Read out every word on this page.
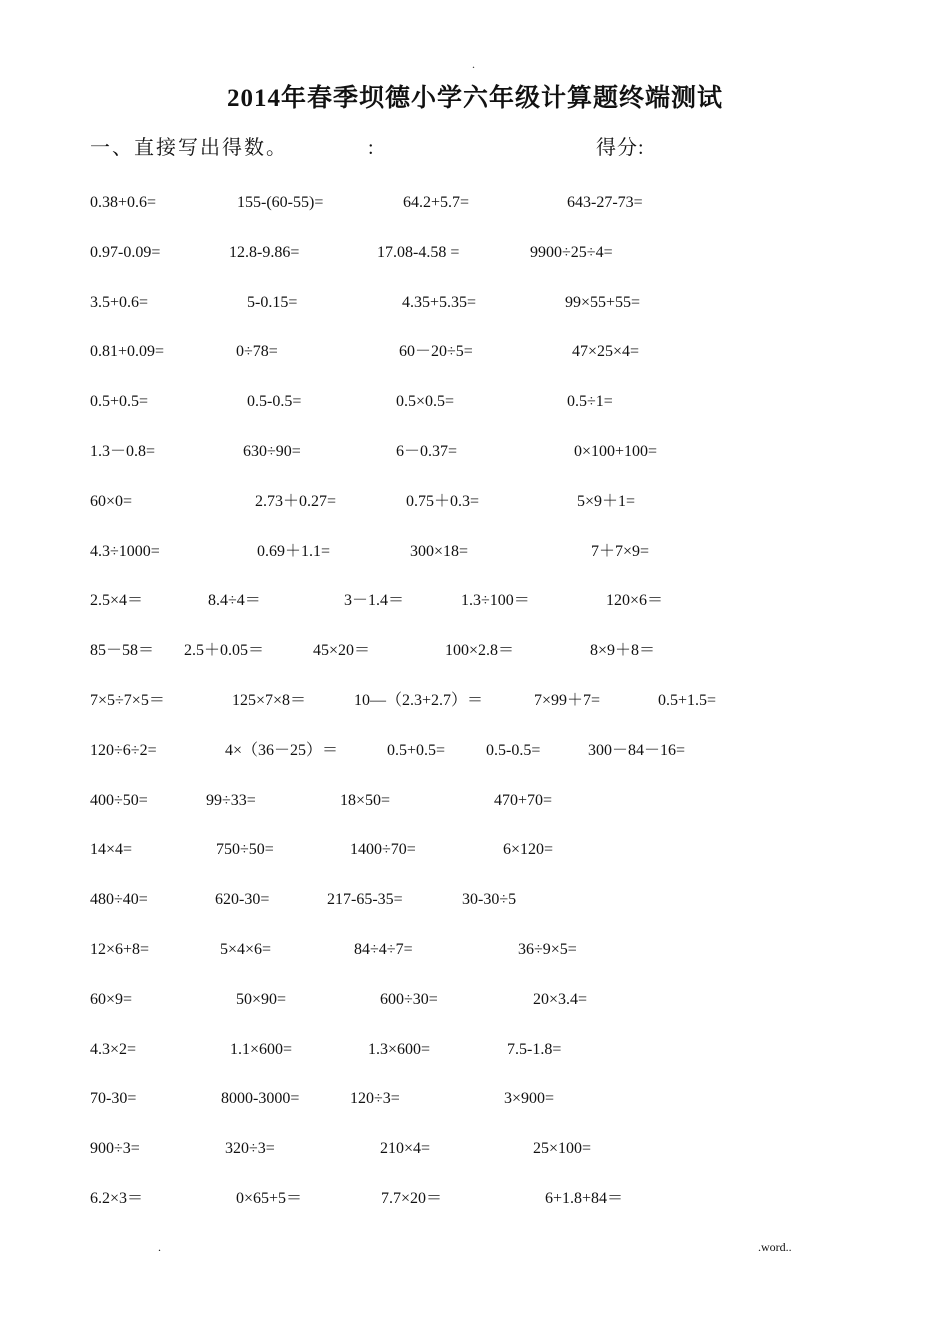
.
2014年春季坝德小学六年级计算题终端测试
一、直接写出得数。	:	得分:
0.38+0.6=	155-(60-55)=	64.2+5.7=	643-27-73=
0.97-0.09=	12.8-9.86=	17.08-4.58 =	9900÷25÷4=
3.5+0.6=	5-0.15=	4.35+5.35=	99×55+55=
0.81+0.09=	0÷78=	60－20÷5=	47×25×4=
0.5+0.5=	0.5-0.5=	0.5×0.5=	0.5÷1=
1.3－0.8=	630÷90=	6－0.37=	0×100+100=
60×0=	2.73＋0.27=	0.75＋0.3=	5×9＋1=
4.3÷1000=	0.69＋1.1=	300×18=	7＋7×9=
2.5×4＝	8.4÷4＝	3－1.4＝	1.3÷100＝	120×6＝
85－58＝ 2.5＋0.05＝	45×20＝	100×2.8＝	8×9＋8＝
7×5÷7×5＝	125×7×8＝	10—（2.3+2.7）＝	7×99＋7=	0.5+1.5=
120÷6÷2=	4×（36－25）＝	0.5+0.5=	0.5-0.5=	300－84－16=
400÷50=	99÷33=	18×50=	470+70=
14×4=	750÷50=	1400÷70=	6×120=
480÷40=	620-30=	217-65-35=	30-30÷5
12×6+8=	5×4×6=	84÷4÷7=	36÷9×5=
60×9=	50×90=	600÷30=	20×3.4=
4.3×2=	1.1×600=	1.3×600=	7.5-1.8=
70-30=	8000-3000=	120÷3=	3×900=
900÷3=	320÷3=	210×4=	25×100=
6.2×3＝	0×65+5＝	7.7×20＝	6+1.8+84＝
.	.word..
